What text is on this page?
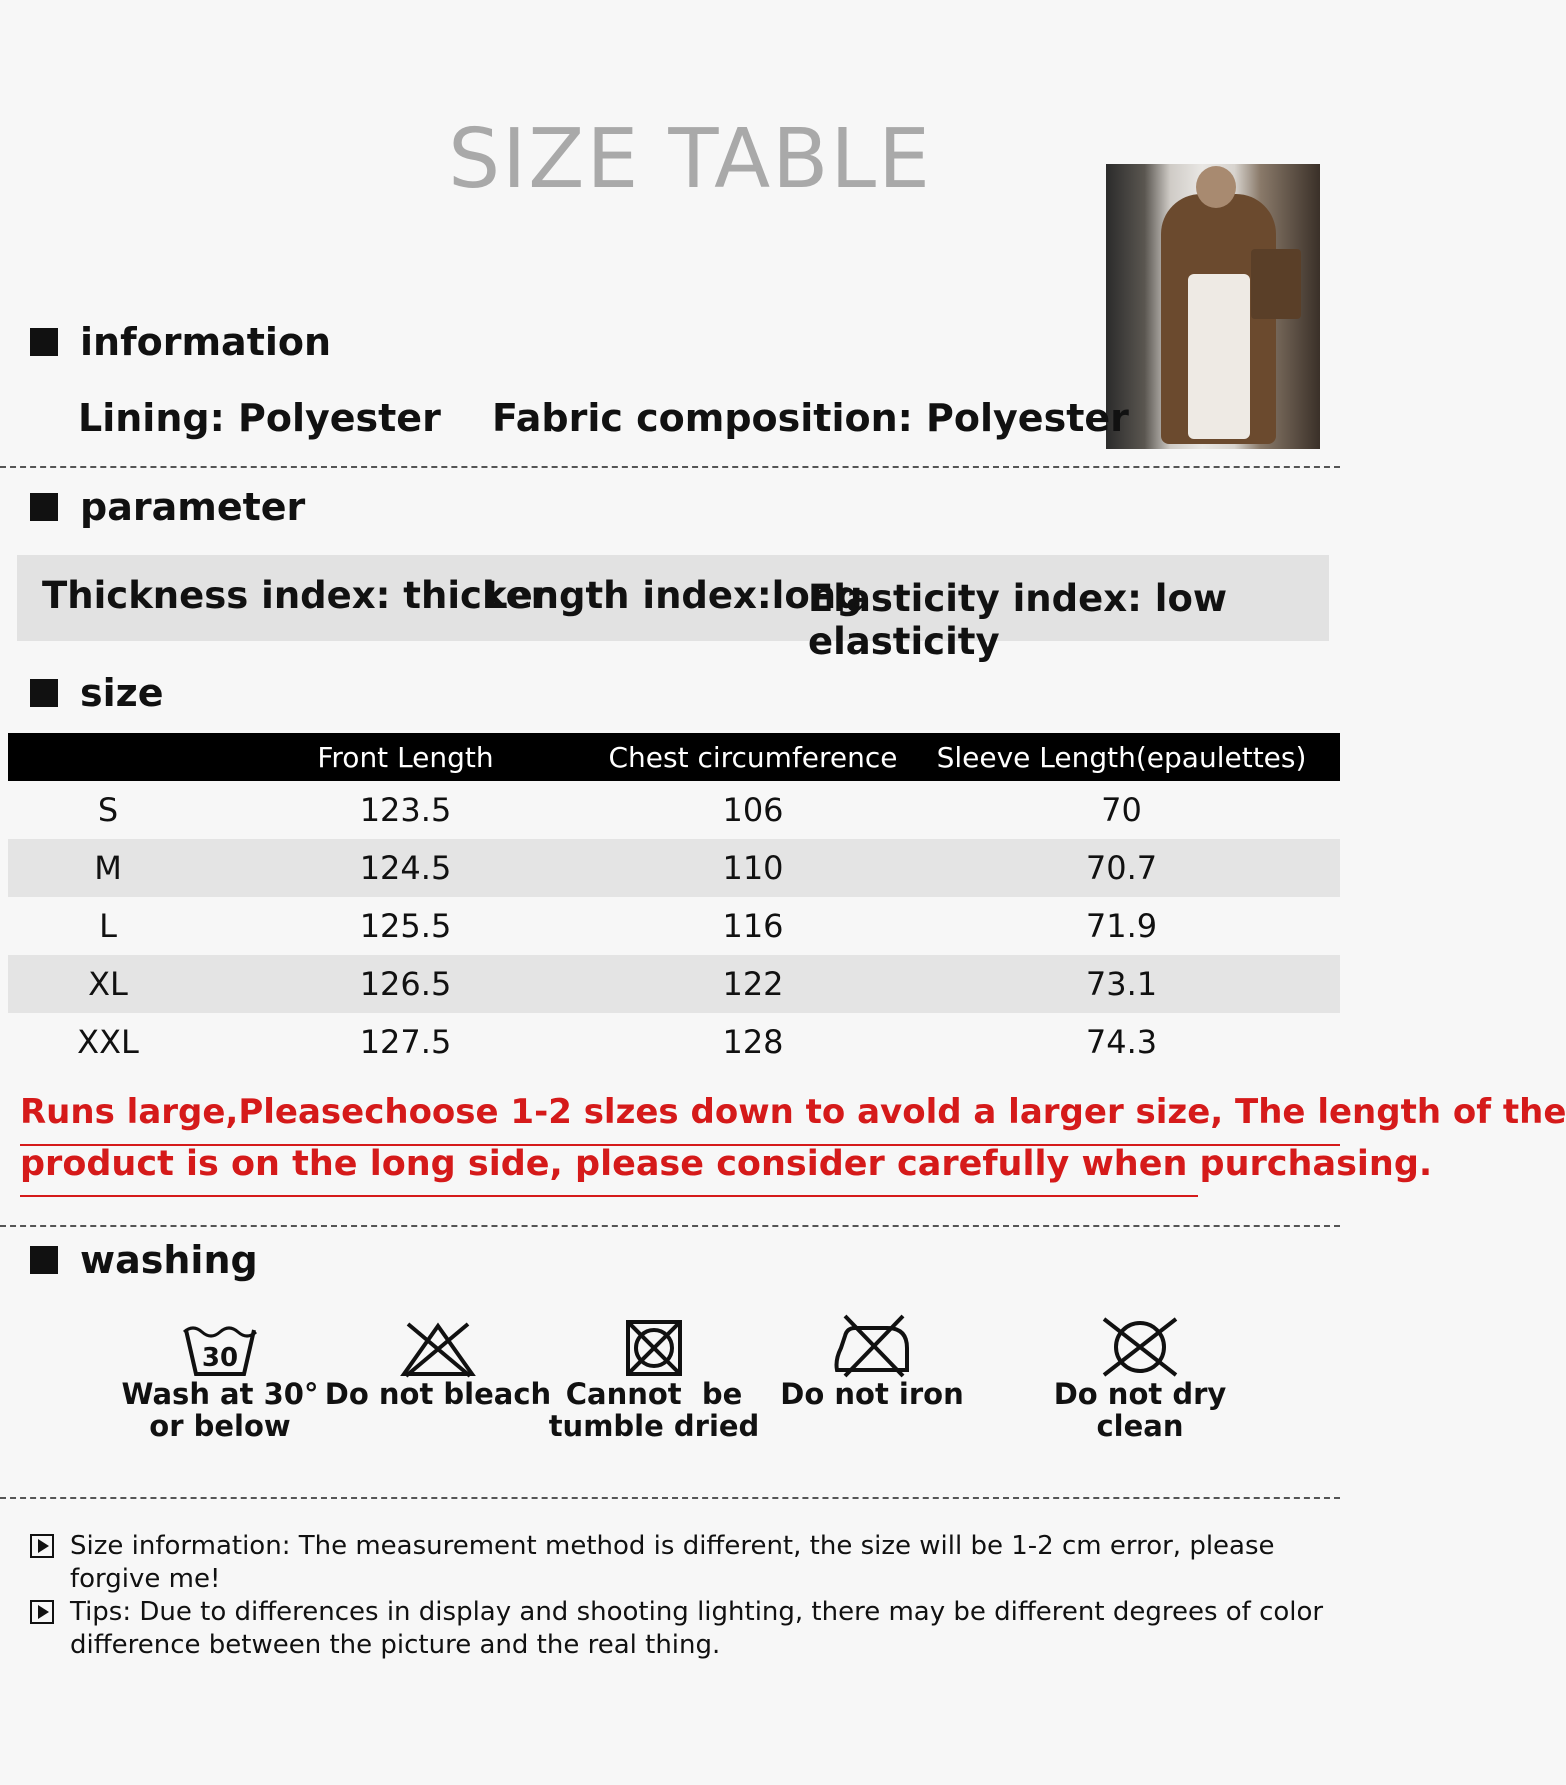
SIZE TABLE
information
Lining: Polyester Fabric composition: Polyester
parameter
Thickness index: thicker
Length index:long
Elasticity index: low elasticity
size
	Front Length	Chest circumference	Sleeve Length(epaulettes)
S	123.5	106	70
M	124.5	110	70.7
L	125.5	116	71.9
XL	126.5	122	73.1
XXL	127.5	128	74.3
Runs large,Pleasechoose 1-2 slzes down to avold a larger size, The length of the
product is on the long side, please consider carefully when purchasing.
washing
30
Wash at 30°
or below
Do not bleach Cannot  be
tumble dried
Do not iron	Do not dry clean
Size information: The measurement method is different, the size will be 1-2 cm error, please forgive me!
Tips: Due to differences in display and shooting lighting, there may be different degrees of color difference between the picture and the real thing.
